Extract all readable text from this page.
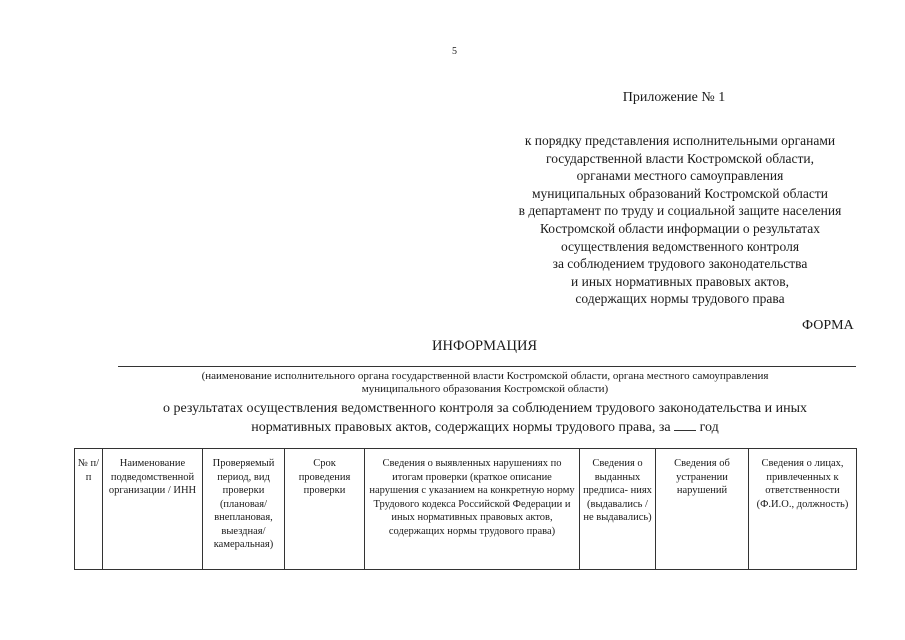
5
Приложение № 1
к порядку представления исполнительными органами
государственной власти Костромской области,
органами местного самоуправления
муниципальных образований Костромской области
в департамент по труду и социальной защите населения
Костромской области информации о результатах
осуществления ведомственного контроля
за соблюдением трудового законодательства
и иных нормативных правовых актов,
содержащих нормы трудового права
ФОРМА
ИНФОРМАЦИЯ
(наименование исполнительного органа государственной власти Костромской области, органа местного самоуправления
муниципального образования Костромской области)
о результатах осуществления ведомственного контроля за соблюдением трудового законодательства и иных
нормативных правовых актов, содержащих нормы трудового права, за год
№ п/п	Наименование подведомственной организации / ИНН	Проверяемый период, вид проверки (плановая/ внеплановая, выездная/ камеральная)	Срок проведения проверки	Сведения о выявленных нарушениях по итогам проверки (краткое описание нарушения с указанием на конкретную норму Трудового кодекса Российской Федерации и иных нормативных правовых актов, содержащих нормы трудового права)	Сведения о выданных предписа- ниях (выдавались /не выдавались)	Сведения об устранении нарушений	Сведения о лицах, привлеченных к ответственности (Ф.И.О., должность)
